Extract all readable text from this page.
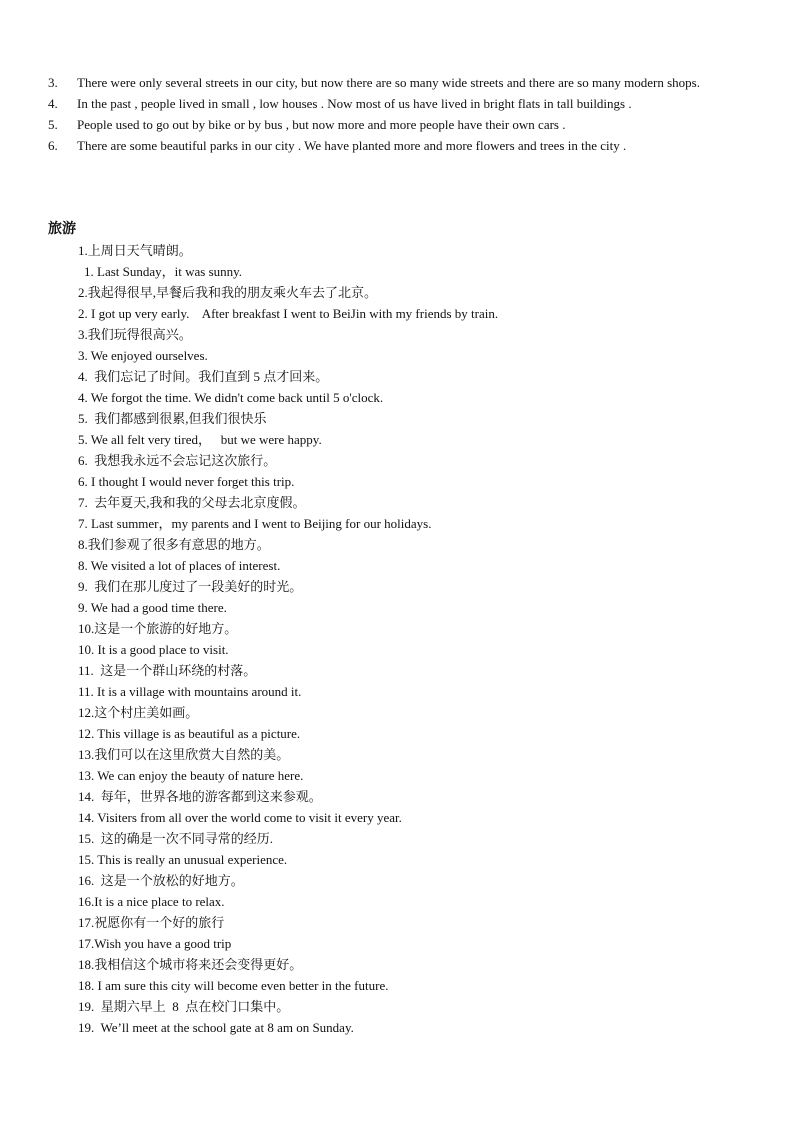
3.	There were only several streets in our city, but now there are so many wide streets and there are so many modern shops.
4.	In the past , people lived in small , low houses . Now most of us have lived in bright flats in tall buildings .
5.	People used to go out by bike or by bus , but now more and more people have their own cars .
6.	There are some beautiful parks in our city . We have planted more and more flowers and trees in the city .
旅游
1.上周日天气晴朗。
1. Last Sunday，it was sunny.
2.我起得很早,早餐后我和我的朋友乘火车去了北京。
2. I got up very early.    After breakfast I went to BeiJin with my friends by train.
3.我们玩得很高兴。
3. We enjoyed ourselves.
4.  我们忘记了时间。我们直到 5 点才回来。
4. We forgot the time. We didn't come back until 5 o'clock.
5.  我们都感到很累,但我们很快乐
5. We all felt very tired，   but we were happy.
6.  我想我永远不会忘记这次旅行。
6. I thought I would never forget this trip.
7.  去年夏天,我和我的父母去北京度假。
7. Last summer，my parents and I went to Beijing for our holidays.
8.我们参观了很多有意思的地方。
8. We visited a lot of places of interest.
9.  我们在那儿度过了一段美好的时光。
9. We had a good time there.
10.这是一个旅游的好地方。
10. It is a good place to visit.
11.  这是一个群山环绕的村落。
11. It is a village with mountains around it.
12.这个村庄美如画。
12. This village is as beautiful as a picture.
13.我们可以在这里欣赏大自然的美。
13. We can enjoy the beauty of nature here.
14.  每年，世界各地的游客都到这来参观。
14. Visiters from all over the world come to visit it every year.
15.  这的确是一次不同寻常的经历.
15. This is really an unusual experience.
16.  这是一个放松的好地方。
16.It is a nice place to relax.
17.祝愿你有一个好的旅行
17.Wish you have a good trip
18.我相信这个城市将来还会变得更好。
18. I am sure this city will become even better in the future.
19.  星期六早上  8  点在校门口集中。
19.  We’ll meet at the school gate at 8 am on Sunday.
